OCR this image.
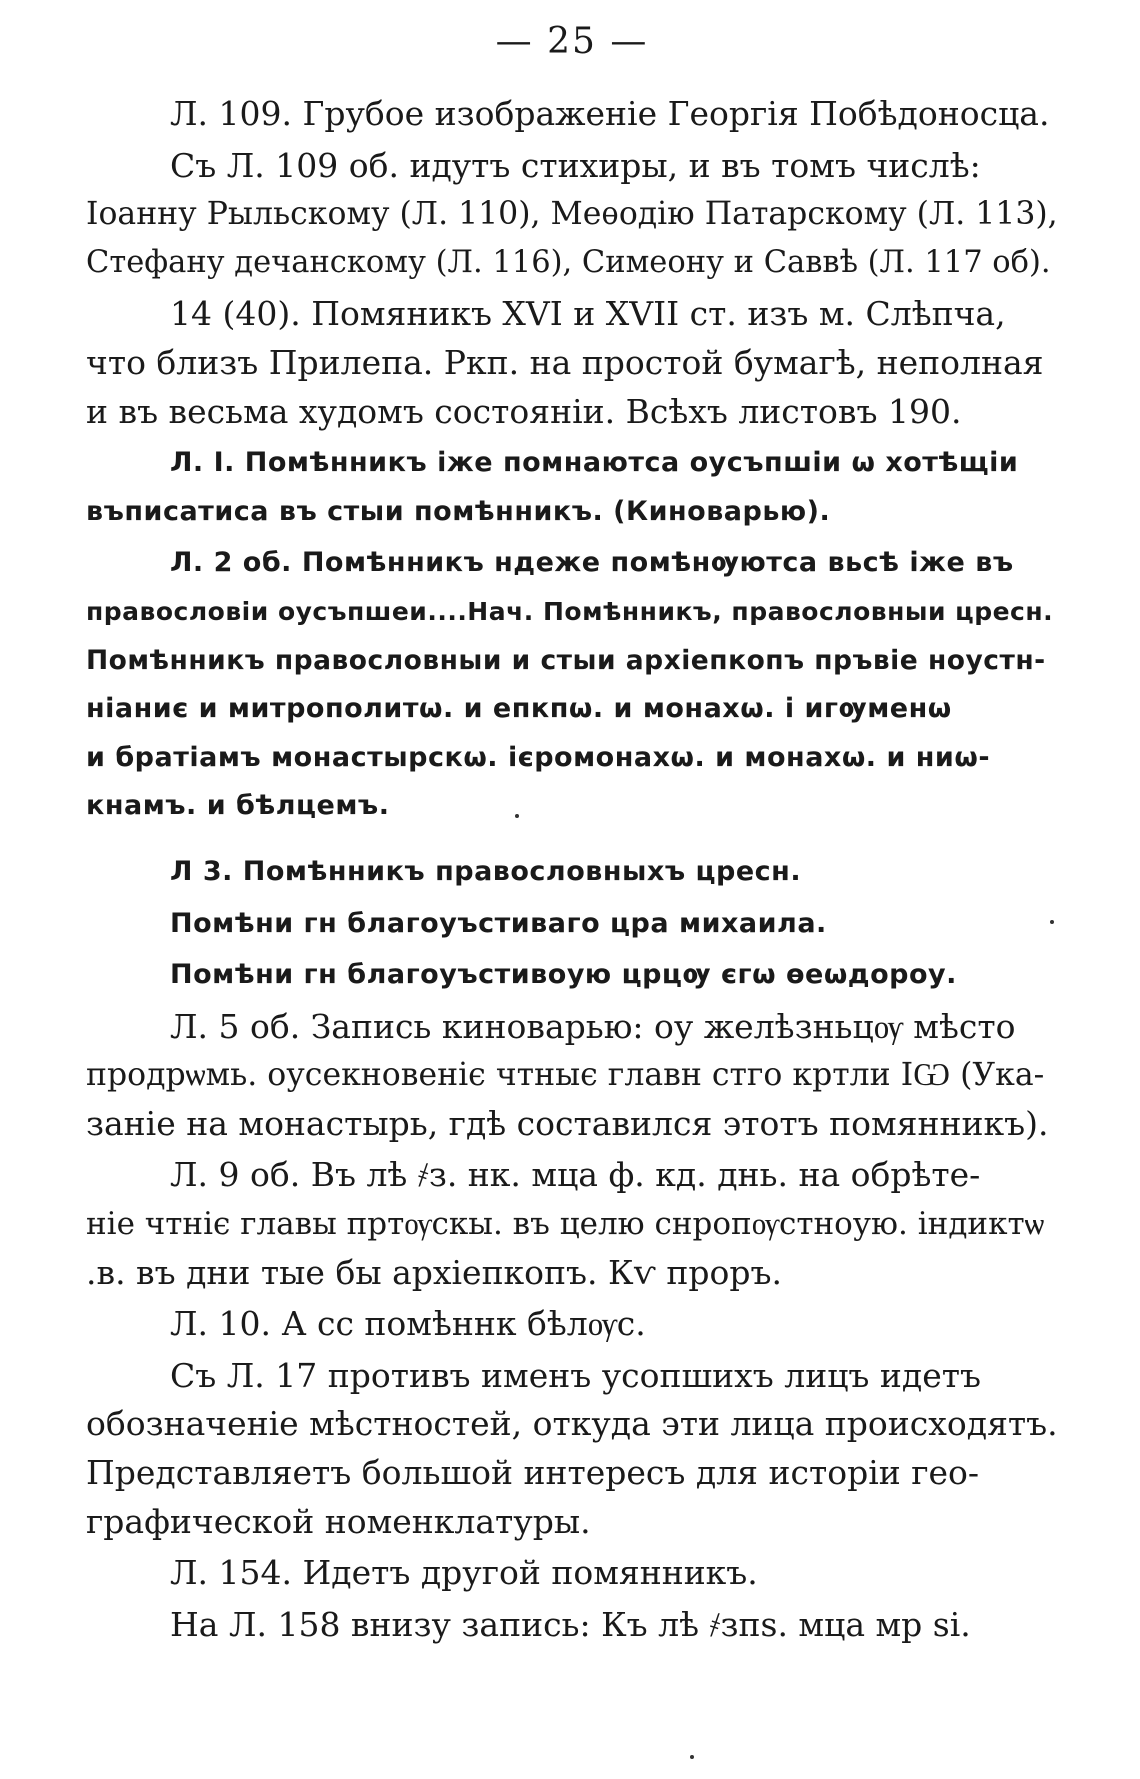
— 25 —
Л. 109. Грубое изображеніе Георгія Побѣдоносца.
Съ Л. 109 об. идутъ стихиры, и въ томъ числѣ:
Іоанну Рыльскому (Л. 110), Меѳодію Патарскому (Л. 113),
Стефану дечанскому (Л. 116), Симеону и Саввѣ (Л. 117 об).
14 (40). Помяникъ XVI и XVII ст. изъ м. Слѣпча,
что близъ Прилепа. Ркп. на простой бумагѣ, неполная
и въ весьма худомъ состояніи. Всѣхъ листовъ 190.
Л. I. Помѣнникъ іже помнаютса оусъпшіи ѡ хотѣщіи
въписатиса въ стыи помѣнникъ. (Киноварью).
Л. 2 об. Помѣнникъ ндеже помѣнѹютса вьсѣ іже въ
правословіи оусъпшеи....Нач. Помѣнникъ, правословныи цресн.
Помѣнникъ правословныи и стыи архіепкопъ пръвіе ноустн-
ніаниє и митрополитѡ. и епкпѡ. и монахѡ. і игѹменѡ
и братіамъ монастырскѡ. ієромонахѡ. и монахѡ. и ниѡ-
кнамъ. и бѣлцемъ.
Л 3. Помѣнникъ правословныхъ цресн.
Помѣни гн благоуъстиваго цра михаила.
Помѣни гн благоуъстивоую црцѹ єгѡ ѳеѡдороу.
Л. 5 об. Запись киноварью: оу желѣзньцѹ мѣсто
продрѡмь. оусекновеніє чтныє главн стго кртли ІѠ (Ука-
заніе на монастырь, гдѣ составился этотъ помянникъ).
Л. 9 об. Въ лѣ ҂з. нк. мца ф. кд. днь. на обрѣте-
ніе чтніє главы пртѹскы. въ целю снропѹстноую. індиктѡ
.в. въ дни тые бы архіепкопъ. Кѵ проръ.
Л. 10. А сс помѣннк бѣлѹс.
Съ Л. 17 противъ именъ усопшихъ лицъ идетъ
обозначеніе мѣстностей, откуда эти лица происходятъ.
Представляетъ большой интересъ для исторіи гео-
графической номенклатуры.
Л. 154. Идетъ другой помянникъ.
На Л. 158 внизу запись: Къ лѣ ҂зпѕ. мца мр ѕі.
